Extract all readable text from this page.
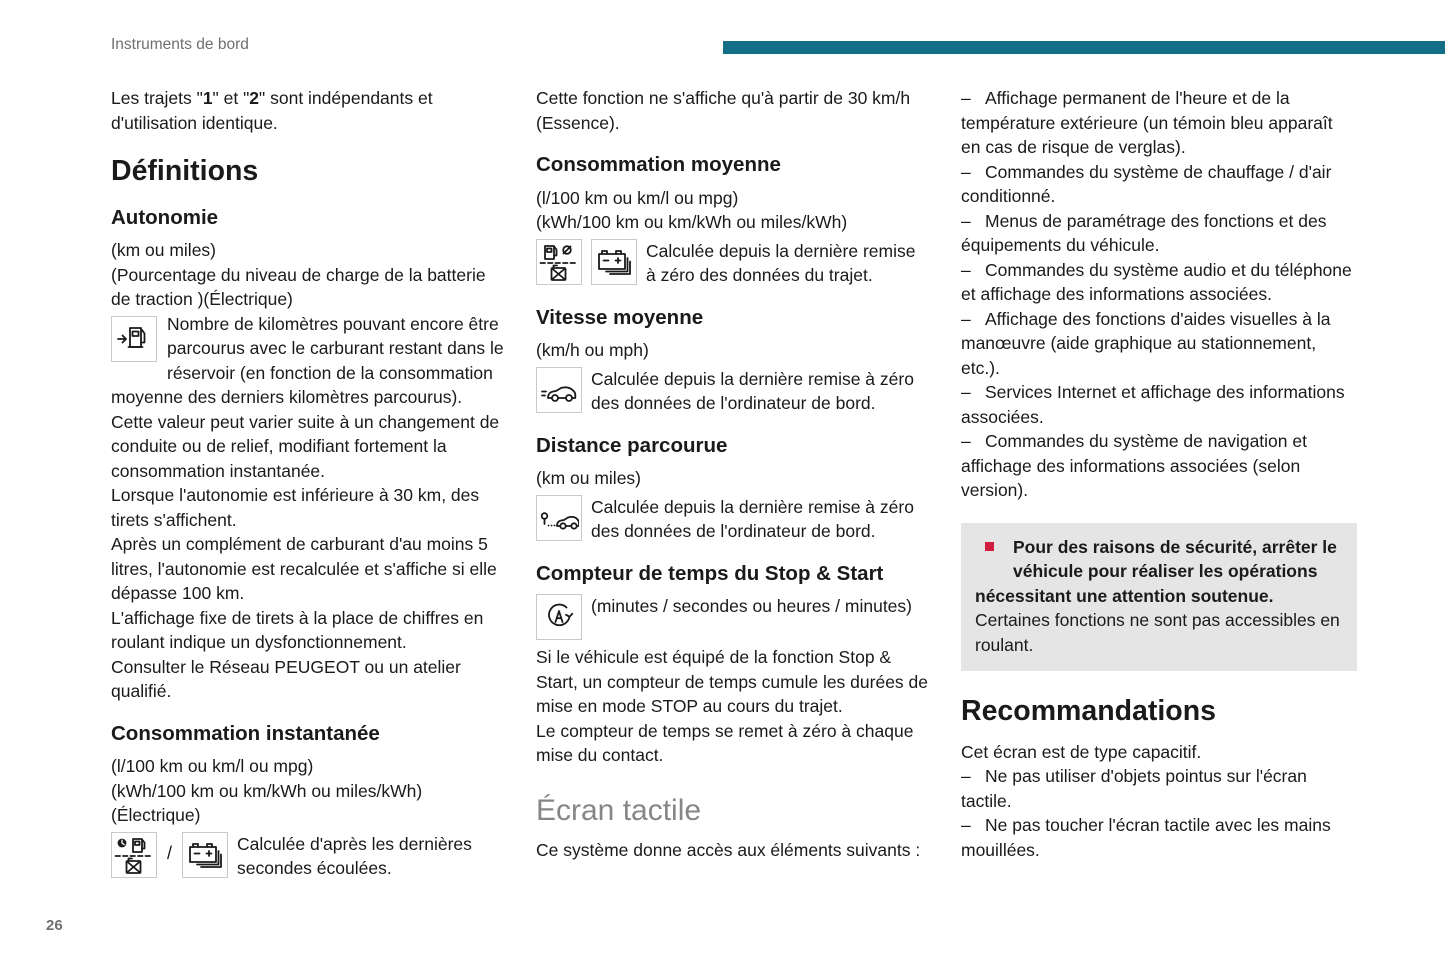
Instruments de bord

Les trajets "1" et "2" sont indépendants et d'utilisation identique.

Définitions
Autonomie

(km ou miles)

(Pourcentage du niveau de charge de la batterie de traction )(Électrique)

Nombre de kilomètres pouvant encore être parcourus avec le carburant restant dans le réservoir (en fonction de la consommation moyenne des derniers kilomètres parcourus).

Cette valeur peut varier suite à un changement de conduite ou de relief, modifiant fortement la consommation instantanée.

Lorsque l'autonomie est inférieure à 30 km, des tirets s'affichent.

Après un complément de carburant d'au moins 5 litres, l'autonomie est recalculée et s'affiche si elle dépasse 100 km.

L'affichage fixe de tirets à la place de chiffres en roulant indique un dysfonctionnement.

Consulter le Réseau PEUGEOT ou un atelier qualifié.

Consommation instantanée

(l/100 km ou km/l ou mpg)

(kWh/100 km ou km/kWh ou miles/kWh)

(Électrique)

/	Calculée d'après les dernières secondes écoulées.

Cette fonction ne s'affiche qu'à partir de 30 km/h (Essence).

Consommation moyenne

(l/100 km ou km/l ou mpg)

(kWh/100 km ou km/kWh ou miles/kWh)

Calculée depuis la dernière remise à zéro des données du trajet.

Vitesse moyenne

(km/h ou mph)

Calculée depuis la dernière remise à zéro des données de l'ordinateur de bord.

Distance parcourue

(km ou miles)

Calculée depuis la dernière remise à zéro des données de l'ordinateur de bord.

Compteur de temps du Stop & Start

(minutes / secondes ou heures / minutes)

Si le véhicule est équipé de la fonction Stop & Start, un compteur de temps cumule les durées de mise en mode STOP au cours du trajet.

Le compteur de temps se remet à zéro à chaque mise du contact.

Écran tactile

Ce système donne accès aux éléments suivants :

– Affichage permanent de l'heure et de la température extérieure (un témoin bleu apparaît en cas de risque de verglas).

– Commandes du système de chauffage / d'air conditionné.

– Menus de paramétrage des fonctions et des équipements du véhicule.

– Commandes du système audio et du téléphone et affichage des informations associées.

– Affichage des fonctions d'aides visuelles à la manœuvre (aide graphique au stationnement, etc.).

– Services Internet et affichage des informations associées.

– Commandes du système de navigation et affichage des informations associées (selon version).

Pour des raisons de sécurité, arrêter le véhicule pour réaliser les opérations nécessitant une attention soutenue.

Certaines fonctions ne sont pas accessibles en roulant.

Recommandations

Cet écran est de type capacitif.

– Ne pas utiliser d'objets pointus sur l'écran tactile.

– Ne pas toucher l'écran tactile avec les mains mouillées.

26
